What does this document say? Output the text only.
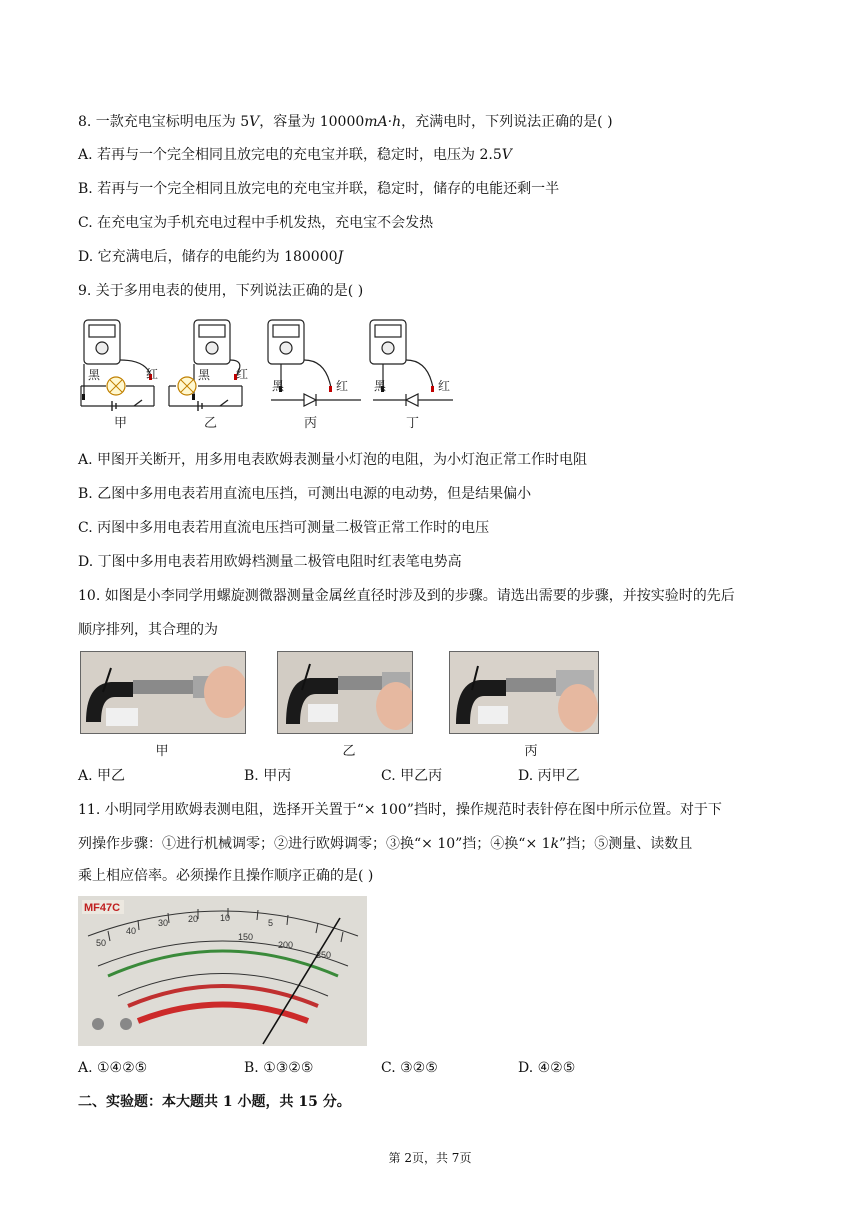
8. 一款充电宝标明电压为 5V，容量为 10000mA·h，充满电时，下列说法正确的是( )
A. 若再与一个完全相同且放完电的充电宝并联，稳定时，电压为 2.5V
B. 若再与一个完全相同且放完电的充电宝并联，稳定时，储存的电能还剩一半
C. 在充电宝为手机充电过程中手机发热，充电宝不会发热
D. 它充满电后，储存的电能约为 180000J
9. 关于多用电表的使用，下列说法正确的是( )
黑	红	黑 红
黑	红 黑	红
甲	乙	丙	丁
A. 甲图开关断开，用多用电表欧姆表测量小灯泡的电阻，为小灯泡正常工作时电阻
B. 乙图中多用电表若用直流电压挡，可测出电源的电动势，但是结果偏小
C. 丙图中多用电表若用直流电压挡可测量二极管正常工作时的电压
D. 丁图中多用电表若用欧姆档测量二极管电阻时红表笔电势高
10. 如图是小李同学用螺旋测微器测量金属丝直径时涉及到的步骤。请选出需要的步骤，并按实验时的先后
顺序排列，其合理的为
甲	乙	丙
A. 甲乙	B. 甲丙	C. 甲乙丙	D. 丙甲乙
11. 小明同学用欧姆表测电阻，选择开关置于“× 100”挡时，操作规范时表针停在图中所示位置。对于下
列操作步骤：①进行机械调零；②进行欧姆调零；③换“× 10”挡；④换“× 1k”挡；⑤测量、读数且
乘上相应倍率。必须操作且操作顺序正确的是( )
MF47C
50
40
30 20 10	5
150
200
250
A. ①④②⑤	B. ①③②⑤	C. ③②⑤	D. ④②⑤
二、实验题：本大题共 1 小题，共 15 分。
第 2页，共 7页
